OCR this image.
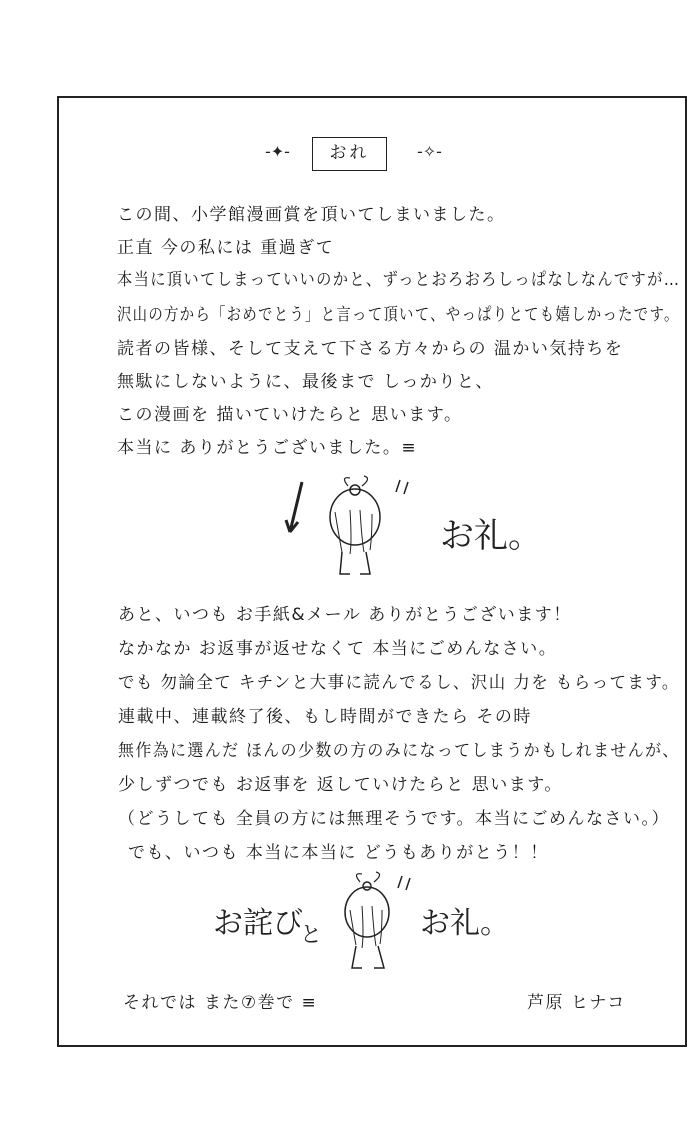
-✦-	おれ	-✧-
この間、小学館漫画賞を頂いてしまいました。
正直 今の私には 重過ぎて
本当に頂いてしまっていいのかと、ずっとおろおろしっぱなしなんですが…
沢山の方から「おめでとう」と言って頂いて、やっぱりとても嬉しかったです。
読者の皆様、そして支えて下さる方々からの 温かい気持ちを
無駄にしないように、最後まで しっかりと、
この漫画を 描いていけたらと 思います。
本当に ありがとうございました。≡
お礼。
あと、いつも お手紙&メール ありがとうございます！
なかなか お返事が返せなくて 本当にごめんなさい。
でも 勿論全て キチンと大事に読んでるし、沢山 力を もらってます。
連載中、連載終了後、もし時間ができたら その時
無作為に選んだ ほんの少数の方のみになってしまうかもしれませんが、
少しずつでも お返事を 返していけたらと 思います。
（どうしても 全員の方には無理そうです。本当にごめんなさい。）
でも、いつも 本当に本当に どうもありがとう！！
お詫び
と	お礼。
それでは また⑦巻で ≡	芦原 ヒナコ
